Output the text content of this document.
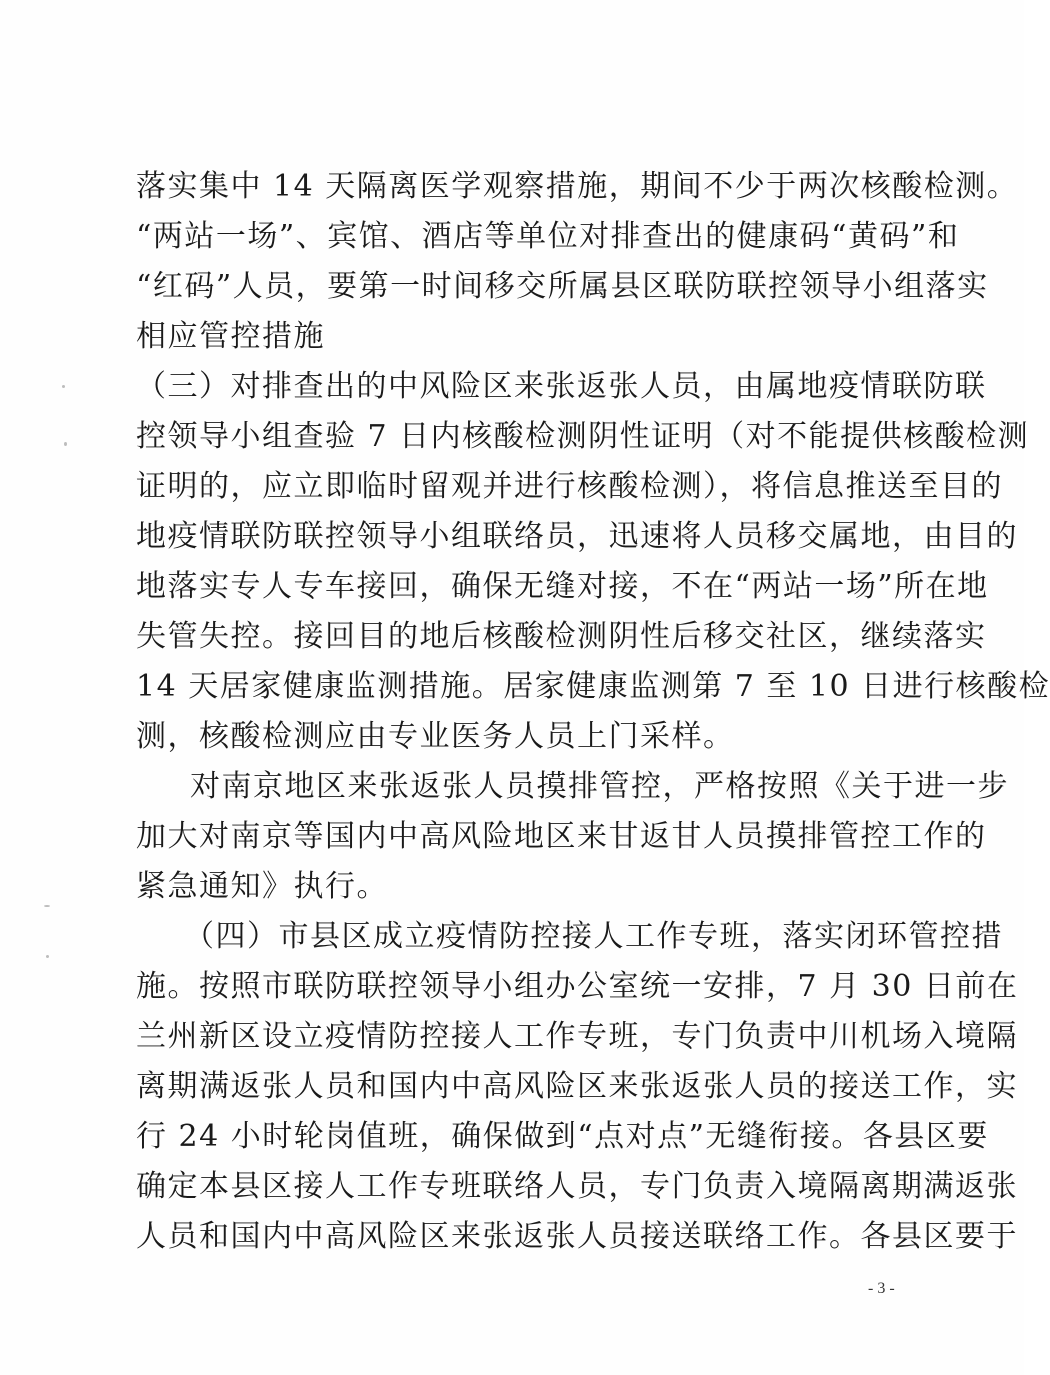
落实集中 14 天隔离医学观察措施，期间不少于两次核酸检测。
“两站一场”、宾馆、酒店等单位对排查出的健康码“黄码”和
“红码”人员，要第一时间移交所属县区联防联控领导小组落实
相应管控措施
（三）对排查出的中风险区来张返张人员，由属地疫情联防联
控领导小组查验 7 日内核酸检测阴性证明（对不能提供核酸检测
证明的，应立即临时留观并进行核酸检测），将信息推送至目的
地疫情联防联控领导小组联络员，迅速将人员移交属地，由目的
地落实专人专车接回，确保无缝对接，不在“两站一场”所在地
失管失控。接回目的地后核酸检测阴性后移交社区，继续落实
14 天居家健康监测措施。居家健康监测第 7 至 10 日进行核酸检
测，核酸检测应由专业医务人员上门采样。
对南京地区来张返张人员摸排管控，严格按照《关于进一步
加大对南京等国内中高风险地区来甘返甘人员摸排管控工作的
紧急通知》执行。
（四）市县区成立疫情防控接人工作专班，落实闭环管控措
施。按照市联防联控领导小组办公室统一安排，7 月 30 日前在
兰州新区设立疫情防控接人工作专班，专门负责中川机场入境隔
离期满返张人员和国内中高风险区来张返张人员的接送工作，实
行 24 小时轮岗值班，确保做到“点对点”无缝衔接。各县区要
确定本县区接人工作专班联络人员，专门负责入境隔离期满返张
人员和国内中高风险区来张返张人员接送联络工作。各县区要于
- 3 -
